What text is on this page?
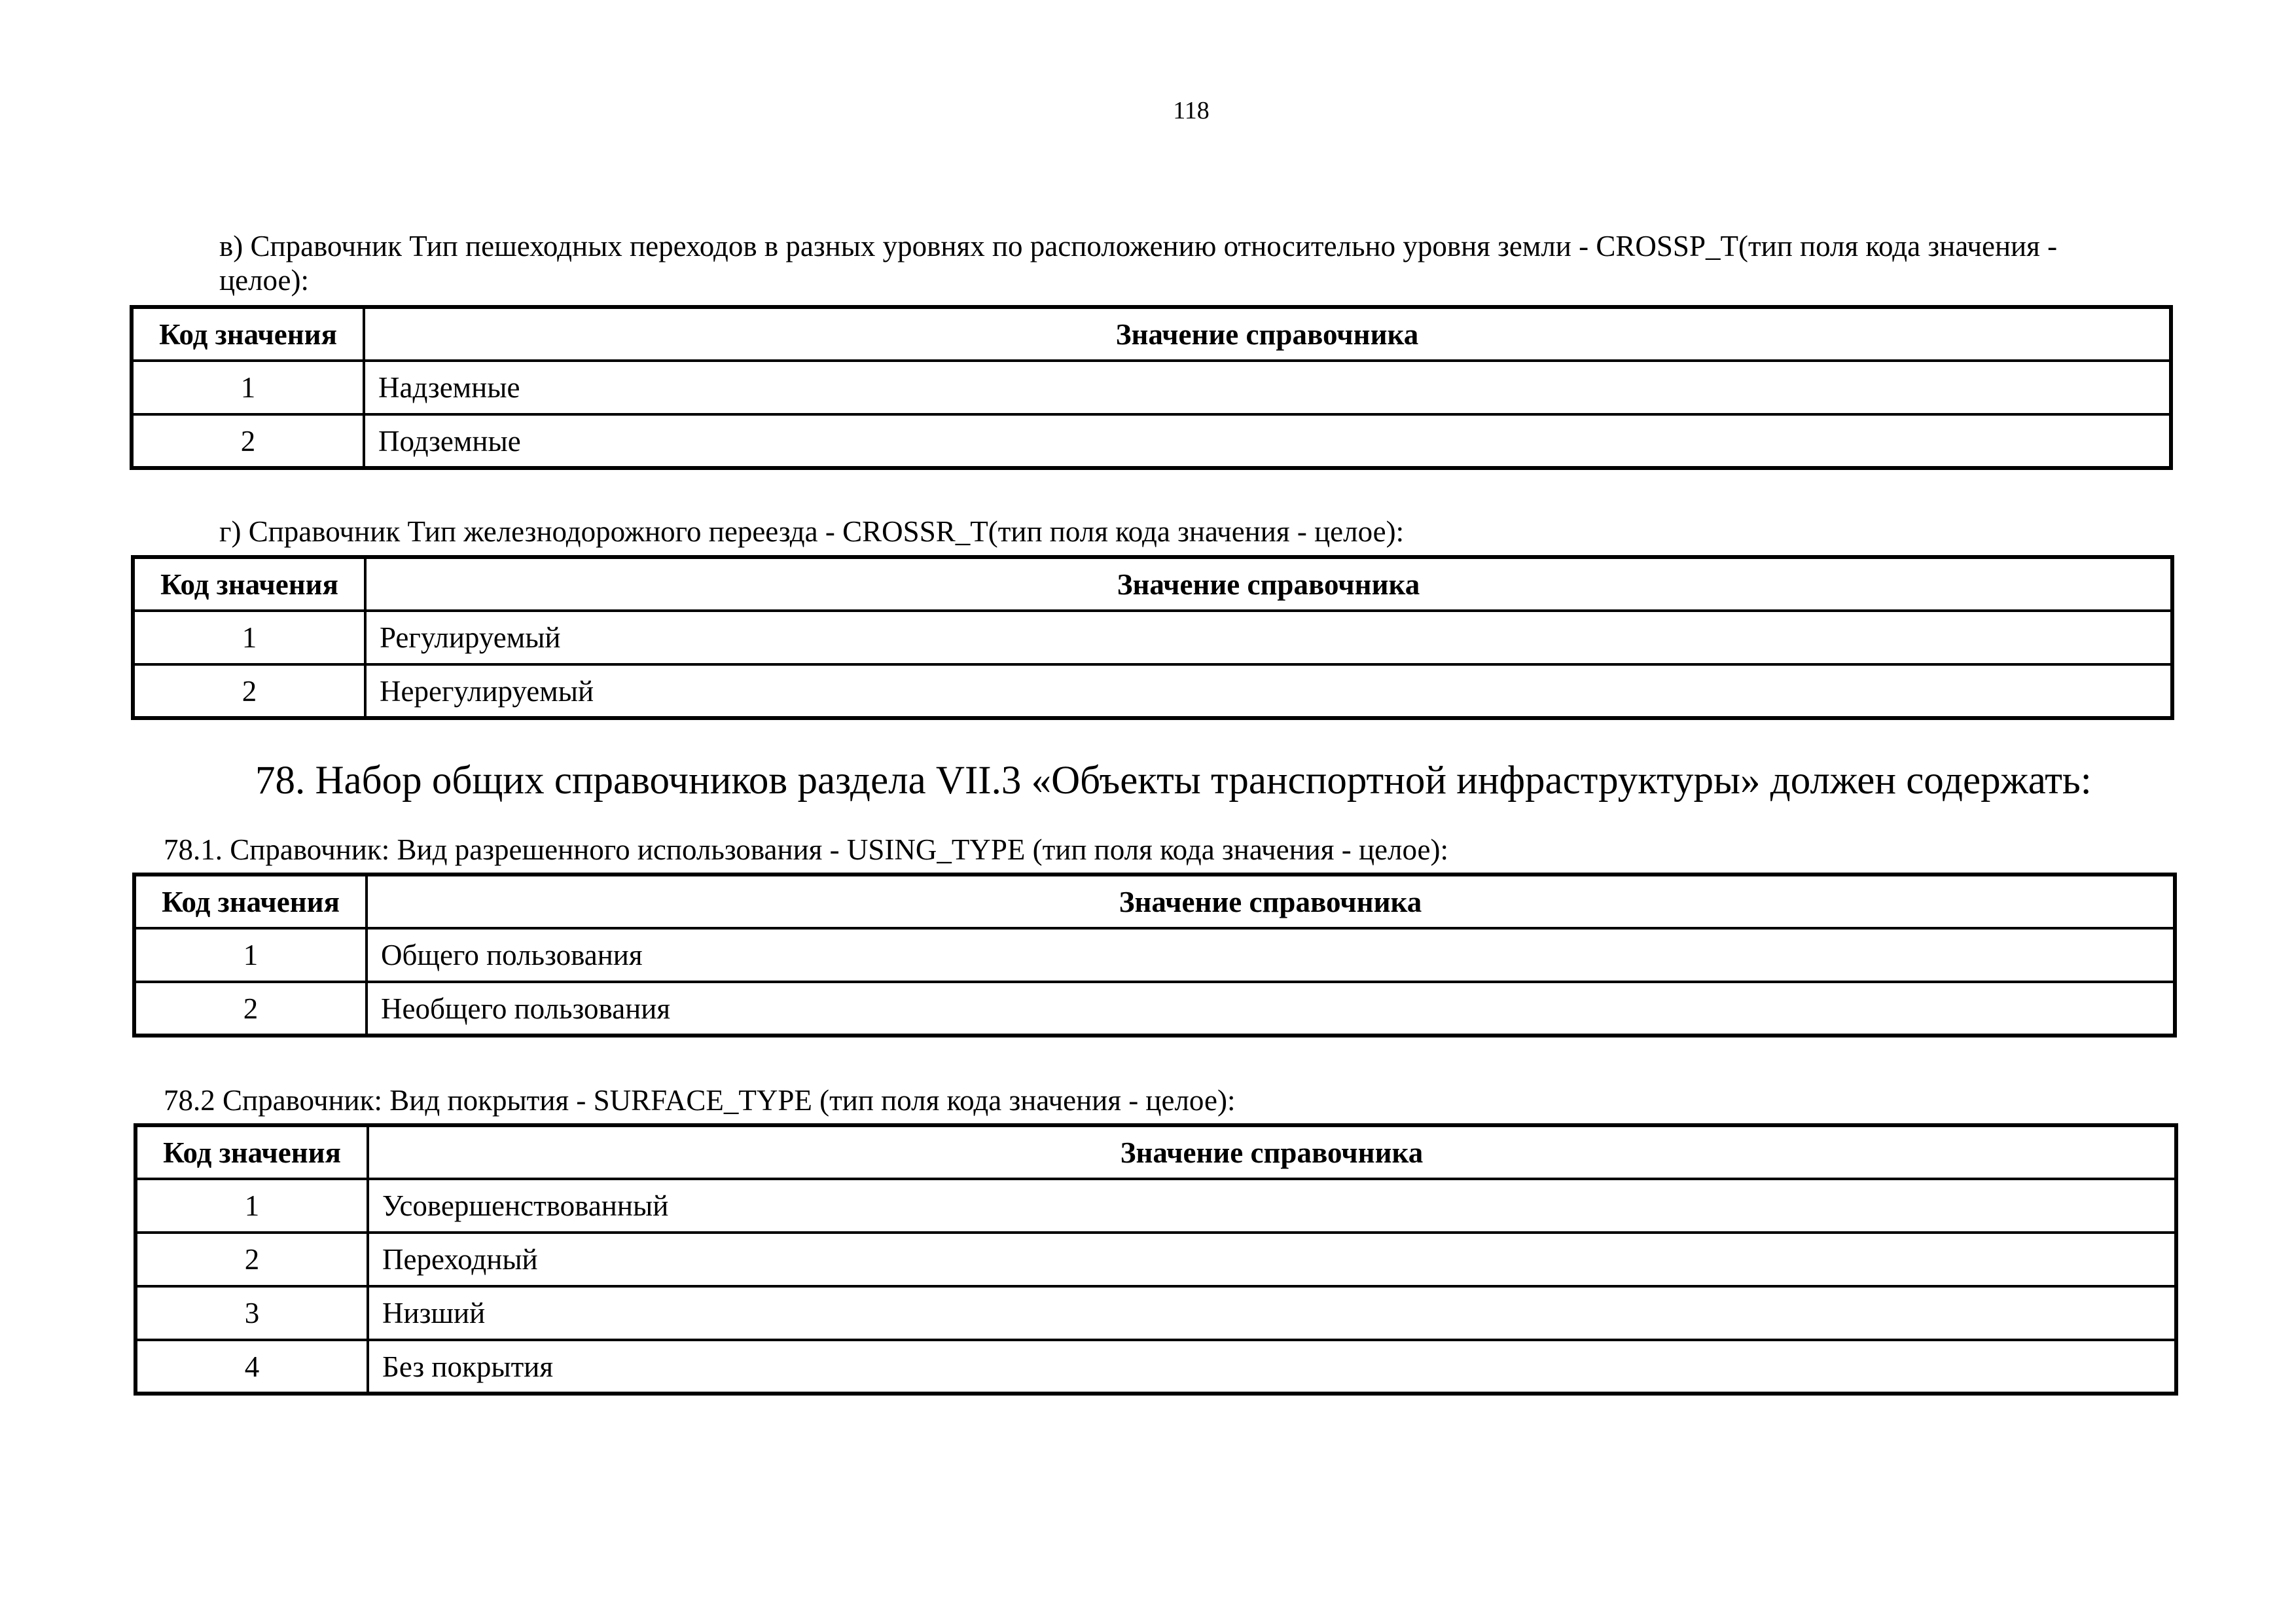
118
в) Справочник Тип пешеходных переходов в разных уровнях по расположению относительно уровня земли - CROSSP_T(тип поля кода значения - целое):
Код значения	Значение справочника
1	Надземные
2	Подземные
г) Справочник Тип железнодорожного переезда - CROSSR_T(тип поля кода значения - целое):
Код значения	Значение справочника
1	Регулируемый
2	Нерегулируемый
78. Набор общих справочников раздела VII.3 «Объекты транспортной инфраструктуры» должен содержать:
78.1. Справочник: Вид разрешенного использования - USING_TYPE (тип поля кода значения - целое):
Код значения	Значение справочника
1	Общего пользования
2	Необщего пользования
78.2 Справочник: Вид покрытия - SURFACE_TYPE (тип поля кода значения - целое):
Код значения	Значение справочника
1	Усовершенствованный
2	Переходный
3	Низший
4	Без покрытия
